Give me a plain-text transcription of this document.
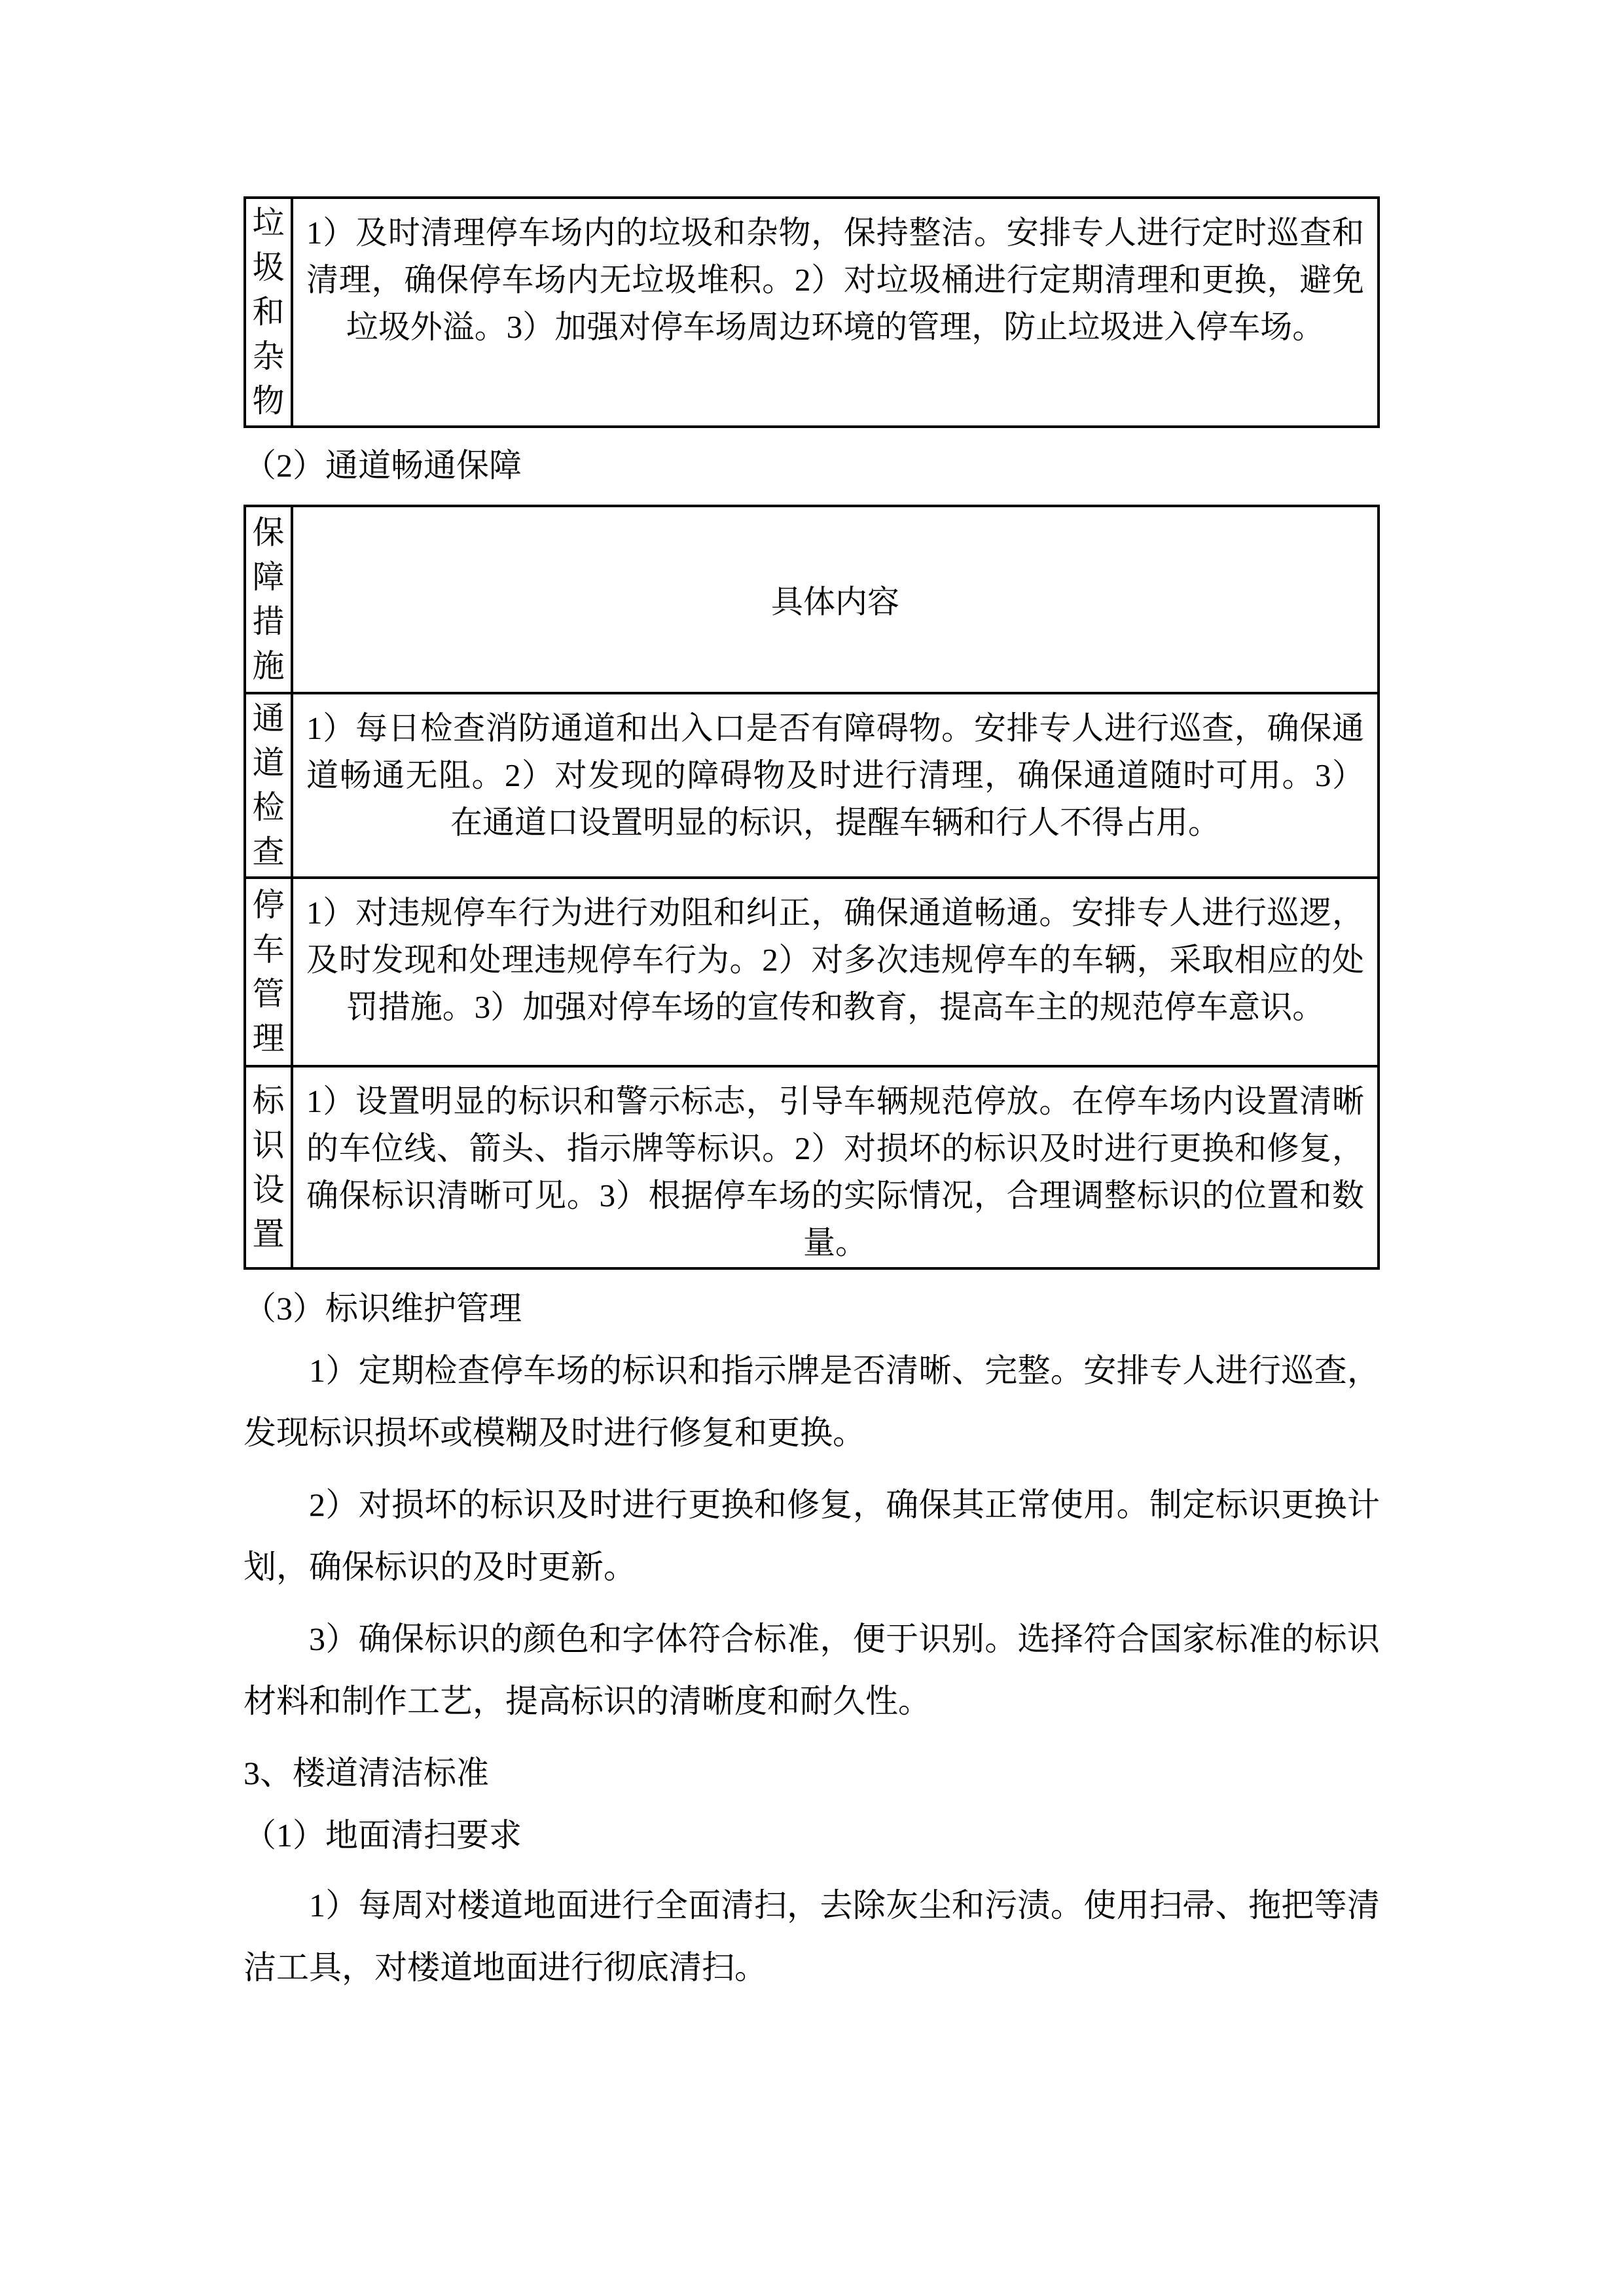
垃圾和杂物	1）及时清理停车场内的垃圾和杂物，保持整洁。安排专人进行定时巡查和清理，确保停车场内无垃圾堆积。2）对垃圾桶进行定期清理和更换，避免垃圾外溢。3）加强对停车场周边环境的管理，防止垃圾进入停车场。
（2）通道畅通保障
保障措施	具体内容
通道检查	1）每日检查消防通道和出入口是否有障碍物。安排专人进行巡查，确保通道畅通无阻。2）对发现的障碍物及时进行清理，确保通道随时可用。3）在通道口设置明显的标识，提醒车辆和行人不得占用。
停车管理	1）对违规停车行为进行劝阻和纠正，确保通道畅通。安排专人进行巡逻，及时发现和处理违规停车行为。2）对多次违规停车的车辆，采取相应的处罚措施。3）加强对停车场的宣传和教育，提高车主的规范停车意识。
标识设置	1）设置明显的标识和警示标志，引导车辆规范停放。在停车场内设置清晰的车位线、箭头、指示牌等标识。2）对损坏的标识及时进行更换和修复，确保标识清晰可见。3）根据停车场的实际情况，合理调整标识的位置和数量。
（3）标识维护管理

1）定期检查停车场的标识和指示牌是否清晰、完整。安排专人进行巡查，发现标识损坏或模糊及时进行修复和更换。

2）对损坏的标识及时进行更换和修复，确保其正常使用。制定标识更换计划，确保标识的及时更新。

3）确保标识的颜色和字体符合标准，便于识别。选择符合国家标准的标识材料和制作工艺，提高标识的清晰度和耐久性。

3、楼道清洁标准
（1）地面清扫要求

1）每周对楼道地面进行全面清扫，去除灰尘和污渍。使用扫帚、拖把等清洁工具，对楼道地面进行彻底清扫。
